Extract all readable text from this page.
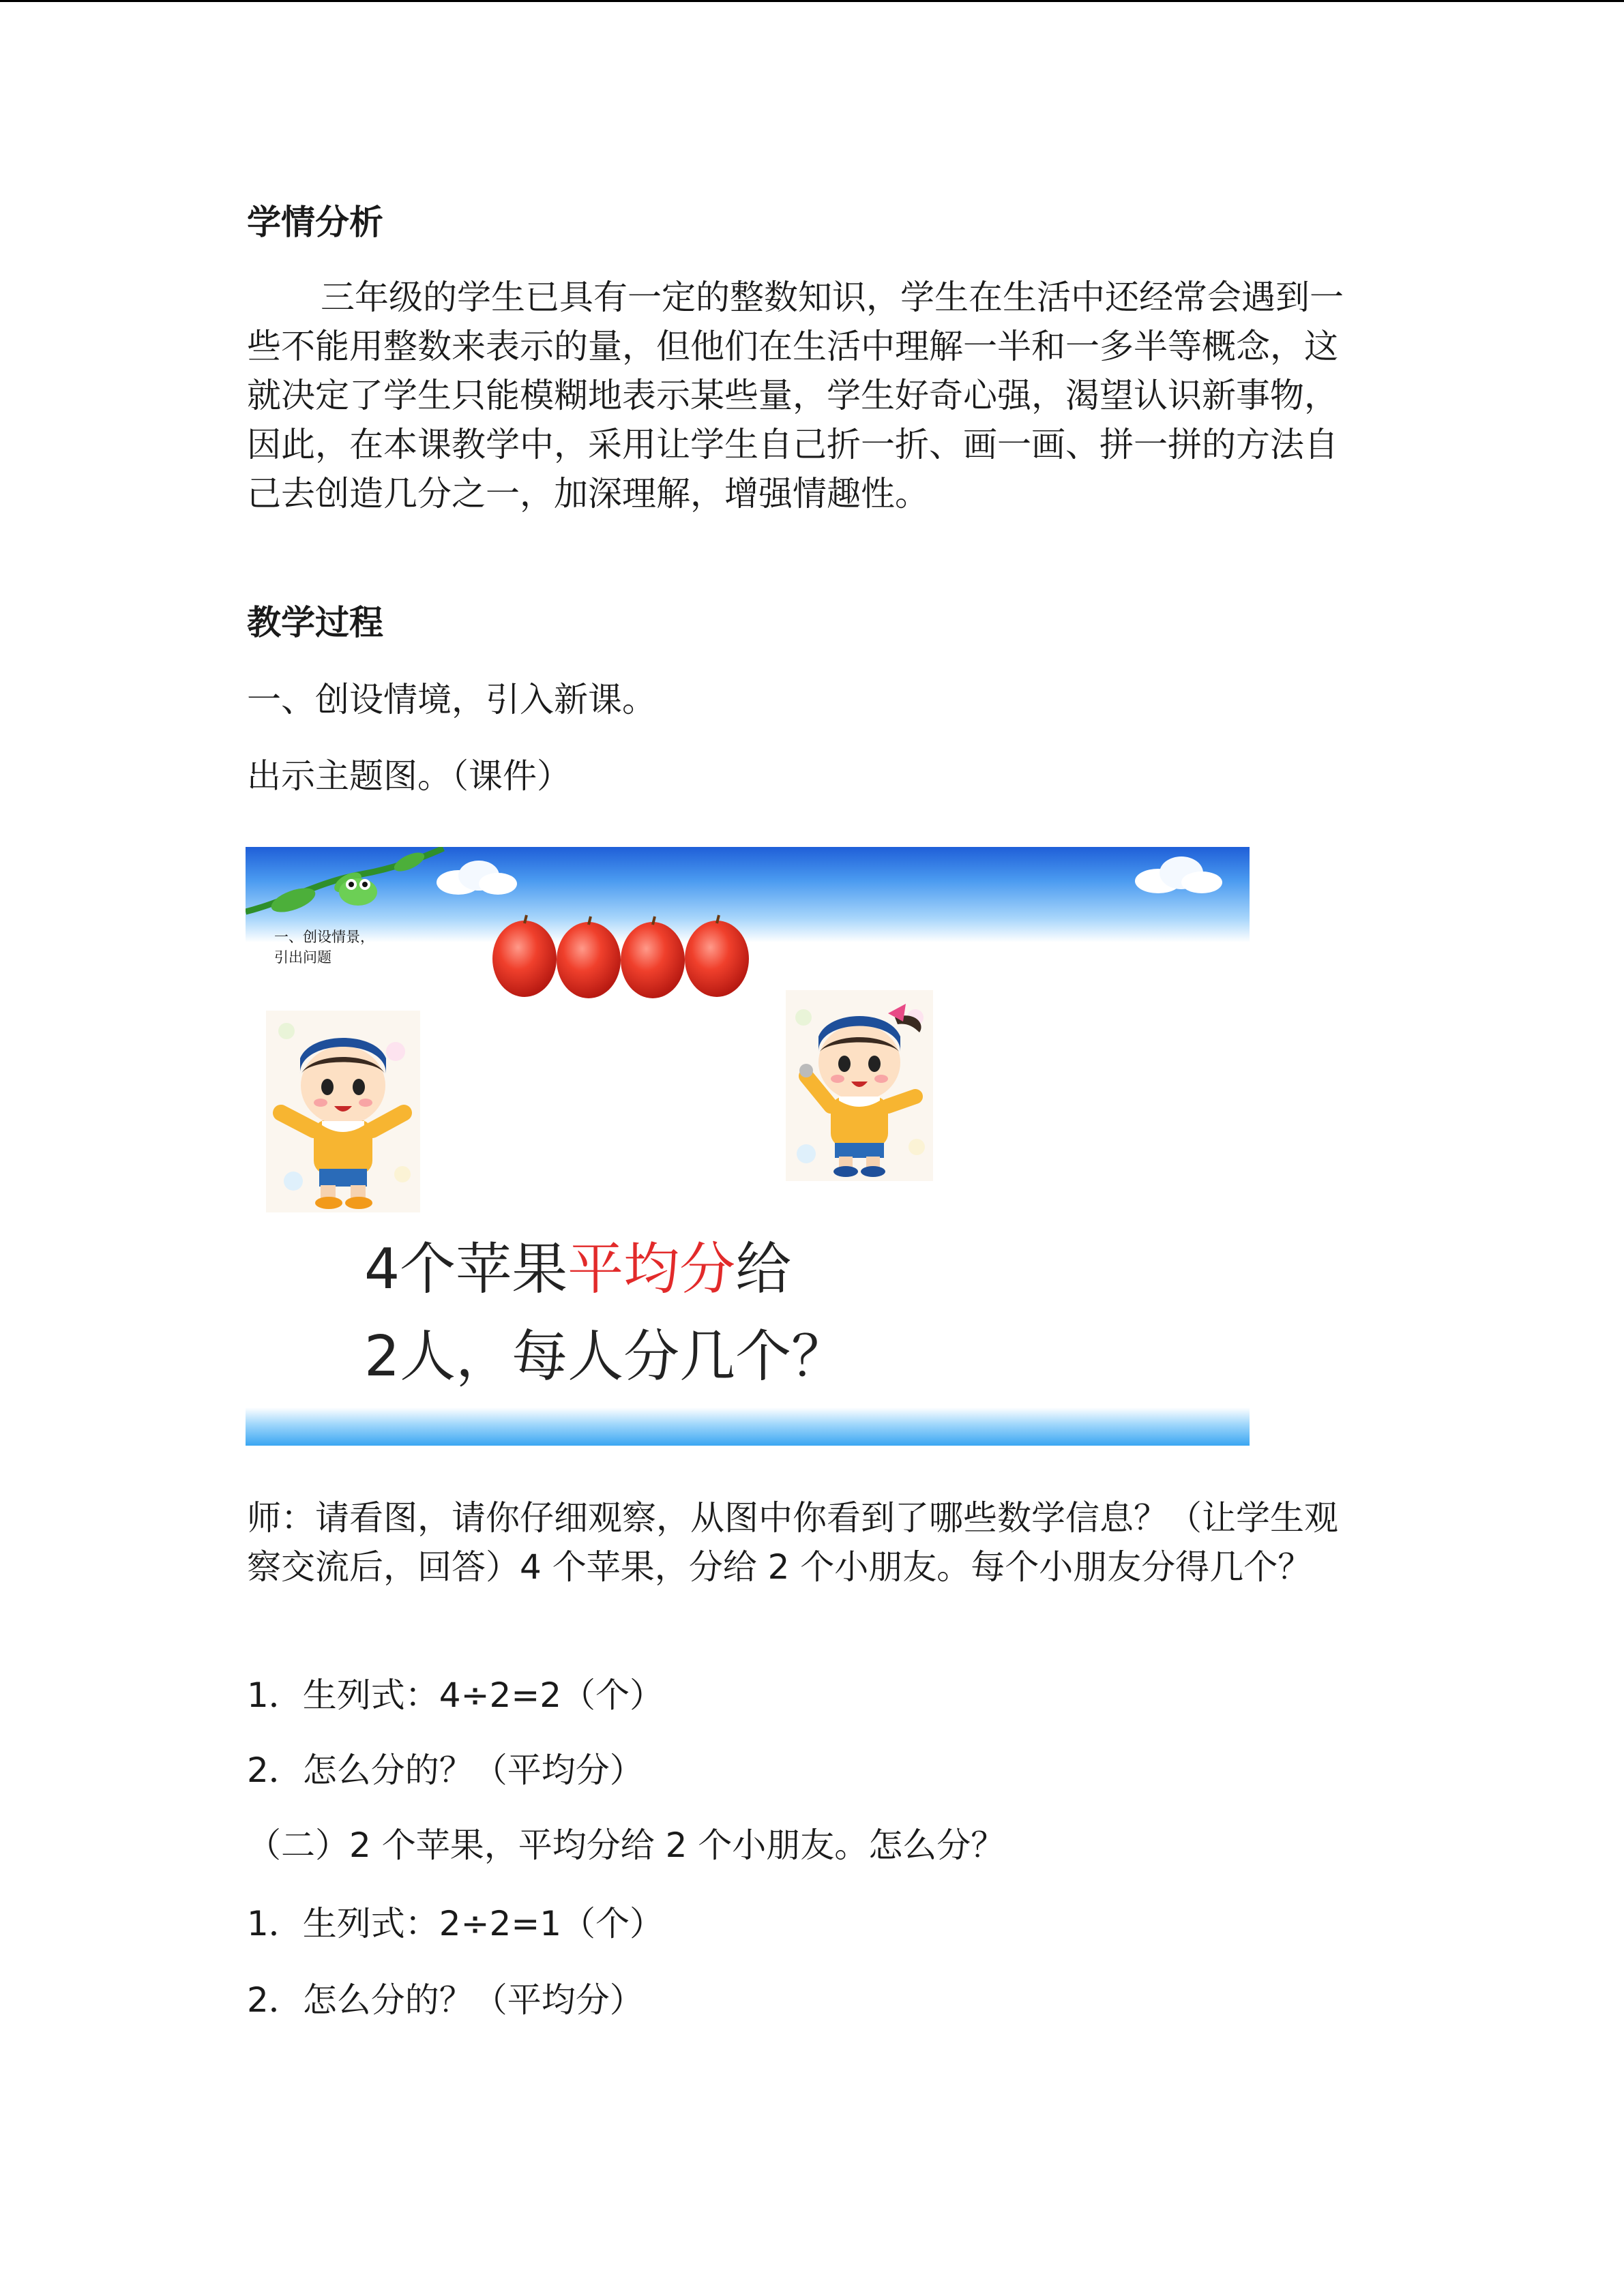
学情分析

三年级的学生已具有一定的整数知识，学生在生活中还经常会遇到一些不能用整数来表示的量，但他们在生活中理解一半和一多半等概念，这就决定了学生只能模糊地表示某些量，学生好奇心强，渴望认识新事物，因此，在本课教学中，采用让学生自己折一折、画一画、拼一拼的方法自己去创造几分之一，加深理解，增强情趣性。

教学过程

一、创设情境，引入新课。

出示主题图。（课件）

一、创设情景，
引出问题
4个苹果平均分给
2人，每人分几个？

师：请看图，请你仔细观察，从图中你看到了哪些数学信息？（让学生观察交流后，回答）4 个苹果，分给 2 个小朋友。每个小朋友分得几个？

1．生列式：4÷2=2（个）

2．怎么分的？（平均分）

（二）2 个苹果，平均分给 2 个小朋友。怎么分？

1．生列式：2÷2=1（个）

2．怎么分的？（平均分）
